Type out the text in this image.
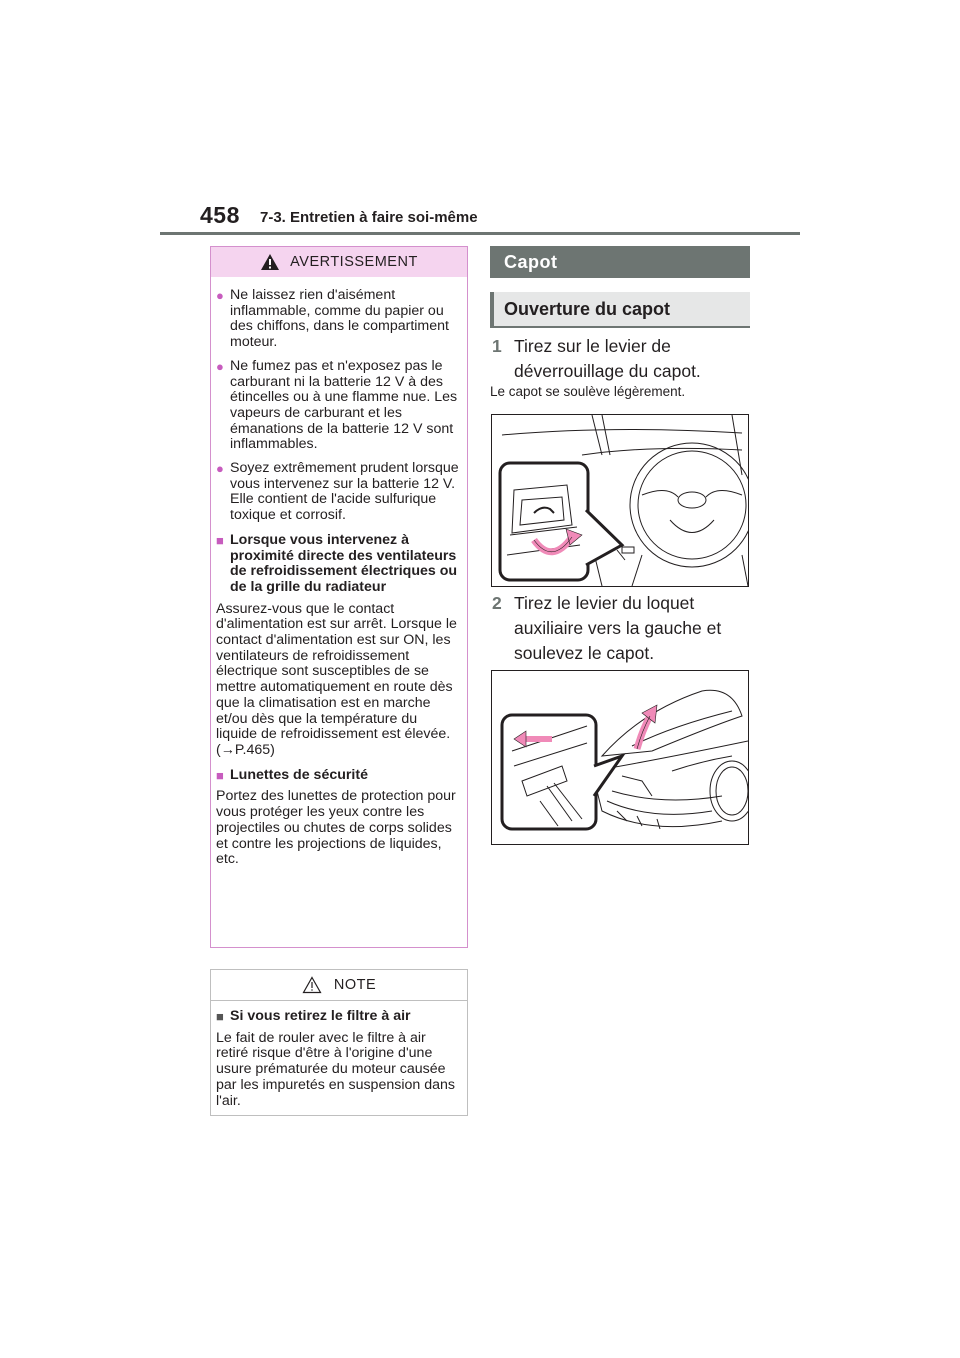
458 7-3. Entretien à faire soi-même
AVERTISSEMENT
● Ne laissez rien d'aisément inflammable, comme du papier ou des chiffons, dans le compartiment moteur.
● Ne fumez pas et n'exposez pas le carburant ni la batterie 12 V à des étincelles ou à une flamme nue. Les vapeurs de carburant et les émanations de la batterie 12 V sont inflammables.
● Soyez extrêmement prudent lorsque vous intervenez sur la batterie 12 V. Elle contient de l'acide sulfurique toxique et corrosif.
■ Lorsque vous intervenez à proximité directe des ventilateurs de refroidissement électriques ou de la grille du radiateur
Assurez-vous que le contact d'alimentation est sur arrêt. Lorsque le contact d'alimentation est sur ON, les ventilateurs de refroidissement électrique sont susceptibles de se mettre automatiquement en route dès que la climatisation est en marche et/ou dès que la température du liquide de refroidissement est élevée. (→P.465)
■ Lunettes de sécurité
Portez des lunettes de protection pour vous protéger les yeux contre les projectiles ou chutes de corps solides et contre les projections de liquides, etc.
NOTE
■ Si vous retirez le filtre à air
Le fait de rouler avec le filtre à air retiré risque d'être à l'origine d'une usure prématurée du moteur causée par les impuretés en suspension dans l'air.
Capot
Ouverture du capot
1 Tirez sur le levier de déverrouillage du capot.
Le capot se soulève légèrement.
2 Tirez le levier du loquet auxiliaire vers la gauche et soulevez le capot.
